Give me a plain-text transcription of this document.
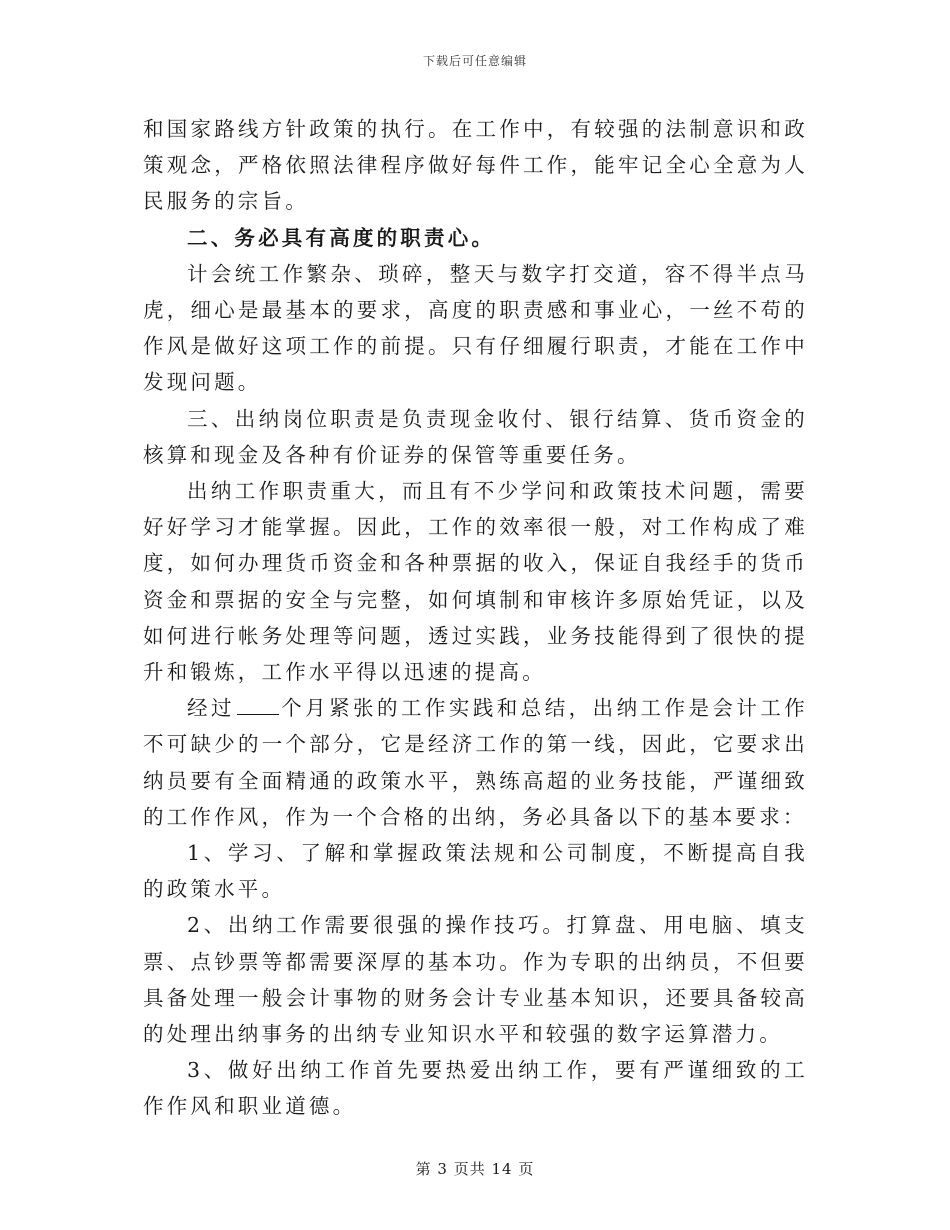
下载后可任意编辑

和国家路线方针政策的执行。在工作中，有较强的法制意识和政策观念，严格依照法律程序做好每件工作，能牢记全心全意为人民服务的宗旨。

二、务必具有高度的职责心。

计会统工作繁杂、琐碎，整天与数字打交道，容不得半点马虎，细心是最基本的要求，高度的职责感和事业心，一丝不苟的作风是做好这项工作的前提。只有仔细履行职责，才能在工作中发现问题。

三、出纳岗位职责是负责现金收付、银行结算、货币资金的核算和现金及各种有价证券的保管等重要任务。

出纳工作职责重大，而且有不少学问和政策技术问题，需要好好学习才能掌握。因此，工作的效率很一般，对工作构成了难度，如何办理货币资金和各种票据的收入，保证自我经手的货币资金和票据的安全与完整，如何填制和审核许多原始凭证，以及如何进行帐务处理等问题，透过实践，业务技能得到了很快的提升和锻炼，工作水平得以迅速的提高。

经过 个月紧张的工作实践和总结，出纳工作是会计工作不可缺少的一个部分，它是经济工作的第一线，因此，它要求出纳员要有全面精通的政策水平，熟练高超的业务技能，严谨细致的工作作风，作为一个合格的出纳，务必具备以下的基本要求：

1、学习、了解和掌握政策法规和公司制度，不断提高自我的政策水平。

2、出纳工作需要很强的操作技巧。打算盘、用电脑、填支票、点钞票等都需要深厚的基本功。作为专职的出纳员，不但要具备处理一般会计事物的财务会计专业基本知识，还要具备较高的处理出纳事务的出纳专业知识水平和较强的数字运算潜力。

3、做好出纳工作首先要热爱出纳工作，要有严谨细致的工作作风和职业道德。

第 3 页共 14 页
